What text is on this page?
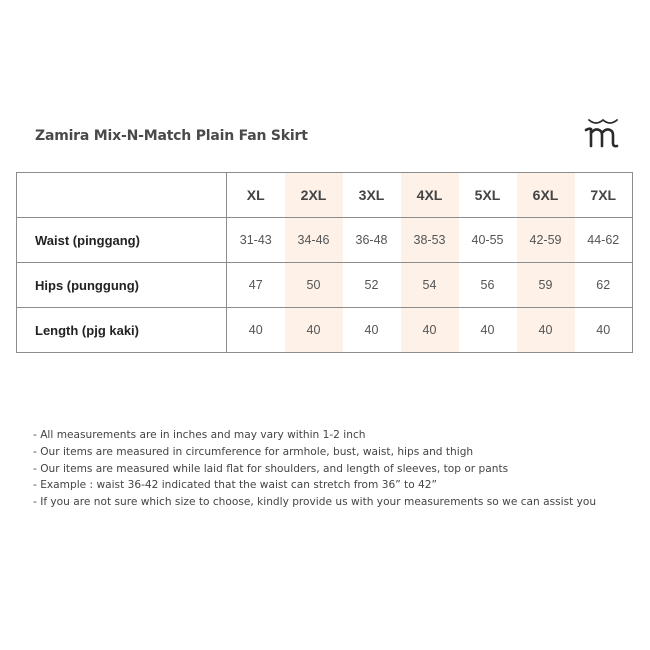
Zamira Mix-N-Match Plain Fan Skirt
	XL	2XL	3XL	4XL	5XL	6XL	7XL
Waist (pinggang)	31-43	34-46	36-48	38-53	40-55	42-59	44-62
Hips (punggung)	47	50	52	54	56	59	62
Length (pjg kaki)	40	40	40	40	40	40	40
- All measurements are in inches and may vary within 1-2 inch
- Our items are measured in circumference for armhole, bust, waist, hips and thigh
- Our items are measured while laid flat for shoulders, and length of sleeves, top or pants
- Example : waist 36-42 indicated that the waist can stretch from 36” to 42”
- If you are not sure which size to choose, kindly provide us with your measurements so we can assist you
